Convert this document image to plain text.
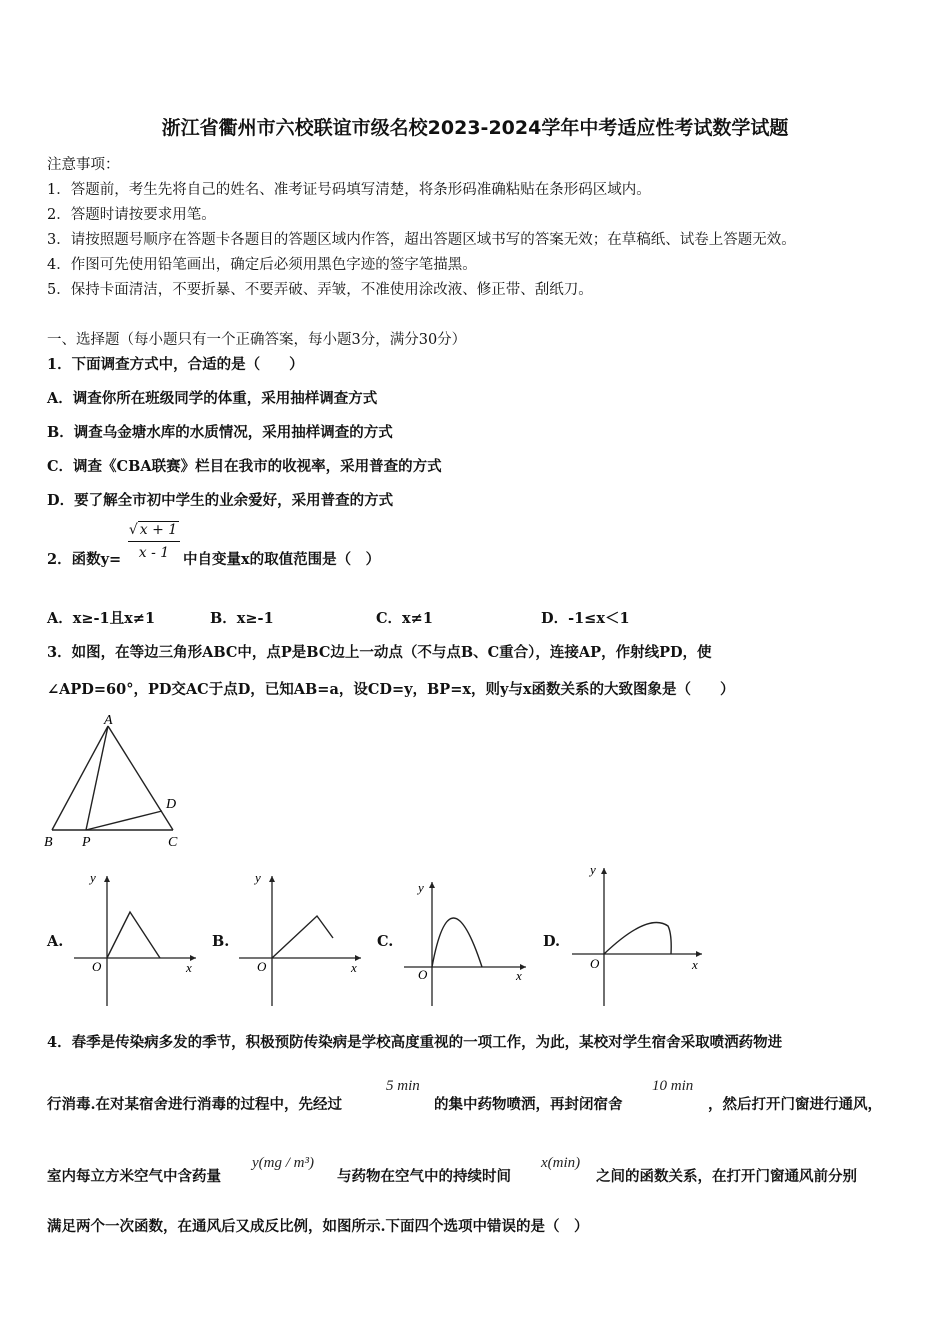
浙江省衢州市六校联谊市级名校2023-2024学年中考适应性考试数学试题
注意事项：
1．答题前，考生先将自己的姓名、准考证号码填写清楚，将条形码准确粘贴在条形码区域内。
2．答题时请按要求用笔。
3．请按照题号顺序在答题卡各题目的答题区域内作答，超出答题区域书写的答案无效；在草稿纸、试卷上答题无效。
4．作图可先使用铅笔画出，确定后必须用黑色字迹的签字笔描黑。
5．保持卡面清洁，不要折暴、不要弄破、弄皱，不准使用涂改液、修正带、刮纸刀。
一、选择题（每小题只有一个正确答案，每小题3分，满分30分）
1．下面调查方式中，合适的是（　　）
A．调查你所在班级同学的体重，采用抽样调查方式
B．调查乌金塘水库的水质情况，采用抽样调查的方式
C．调查《CBA联赛》栏目在我市的收视率，采用普查的方式
D．要了解全市初中学生的业余爱好，采用普查的方式
2．函数$y= \frac{√ x + 1}{x - 1}$ 中自变量x的取值范围是（　）
A．x≥-1且x≠1	B．x≥-1	C．x≠1	D．-1≤x＜1
3．如图，在等边三角形ABC中，点P是BC边上一动点（不与点B、C重合），连接AP，作射线PD，使
∠APD=60°，PD交AC于点D，已知AB=a，设CD=y，BP=x，则y与x函数关系的大致图象是（　　）
A
B	C
D
P
A.	B.	C.	D.
y
x
O
y
x
O
y
x
O
y
x
O
4．春季是传染病多发的季节，积极预防传染病是学校高度重视的一项工作，为此，某校对学生宿舍采取喷洒药物进
行消毒.在对某宿舍进行消毒的过程中，先经过
5 min
的集中药物喷洒，再封闭宿舍
10 min
，然后打开门窗进行通风，
室内每立方米空气中含药量
y(mg / m³)
与药物在空气中的持续时间
x(min)
之间的函数关系，在打开门窗通风前分别
满足两个一次函数，在通风后又成反比例，如图所示.下面四个选项中错误的是（　）
